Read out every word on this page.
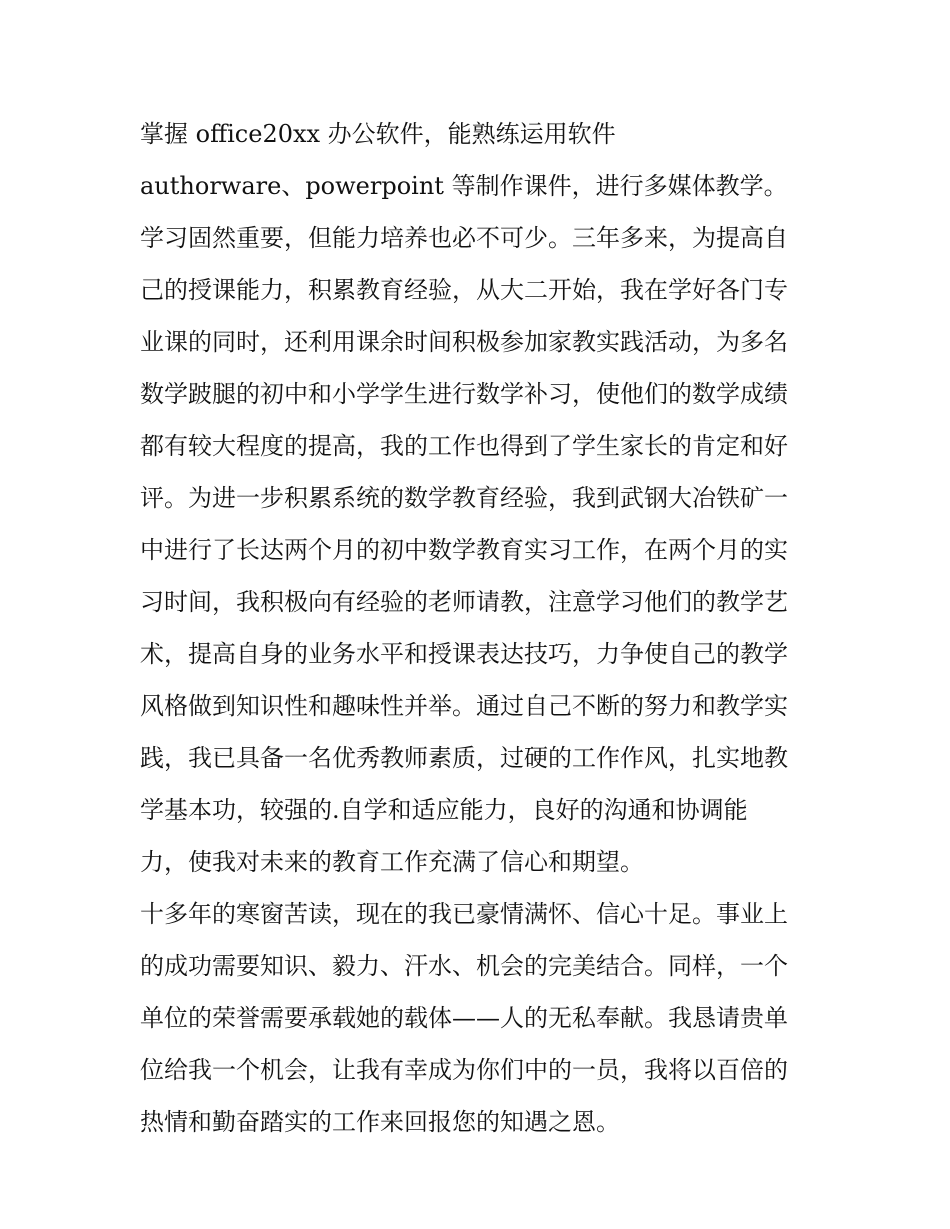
掌握 office20xx 办公软件，能熟练运用软件
authorware、powerpoint 等制作课件，进行多媒体教学。
学习固然重要，但能力培养也必不可少。三年多来，为提高自
己的授课能力，积累教育经验，从大二开始，我在学好各门专
业课的同时，还利用课余时间积极参加家教实践活动，为多名
数学跛腿的初中和小学学生进行数学补习，使他们的数学成绩
都有较大程度的提高，我的工作也得到了学生家长的肯定和好
评。为进一步积累系统的数学教育经验，我到武钢大冶铁矿一
中进行了长达两个月的初中数学教育实习工作，在两个月的实
习时间，我积极向有经验的老师请教，注意学习他们的教学艺
术，提高自身的业务水平和授课表达技巧，力争使自己的教学
风格做到知识性和趣味性并举。通过自己不断的努力和教学实
践，我已具备一名优秀教师素质，过硬的工作作风，扎实地教
学基本功，较强的.自学和适应能力，良好的沟通和协调能
力，使我对未来的教育工作充满了信心和期望。
十多年的寒窗苦读，现在的我已豪情满怀、信心十足。事业上
的成功需要知识、毅力、汗水、机会的完美结合。同样，一个
单位的荣誉需要承载她的载体——人的无私奉献。我恳请贵单
位给我一个机会，让我有幸成为你们中的一员，我将以百倍的
热情和勤奋踏实的工作来回报您的知遇之恩。
